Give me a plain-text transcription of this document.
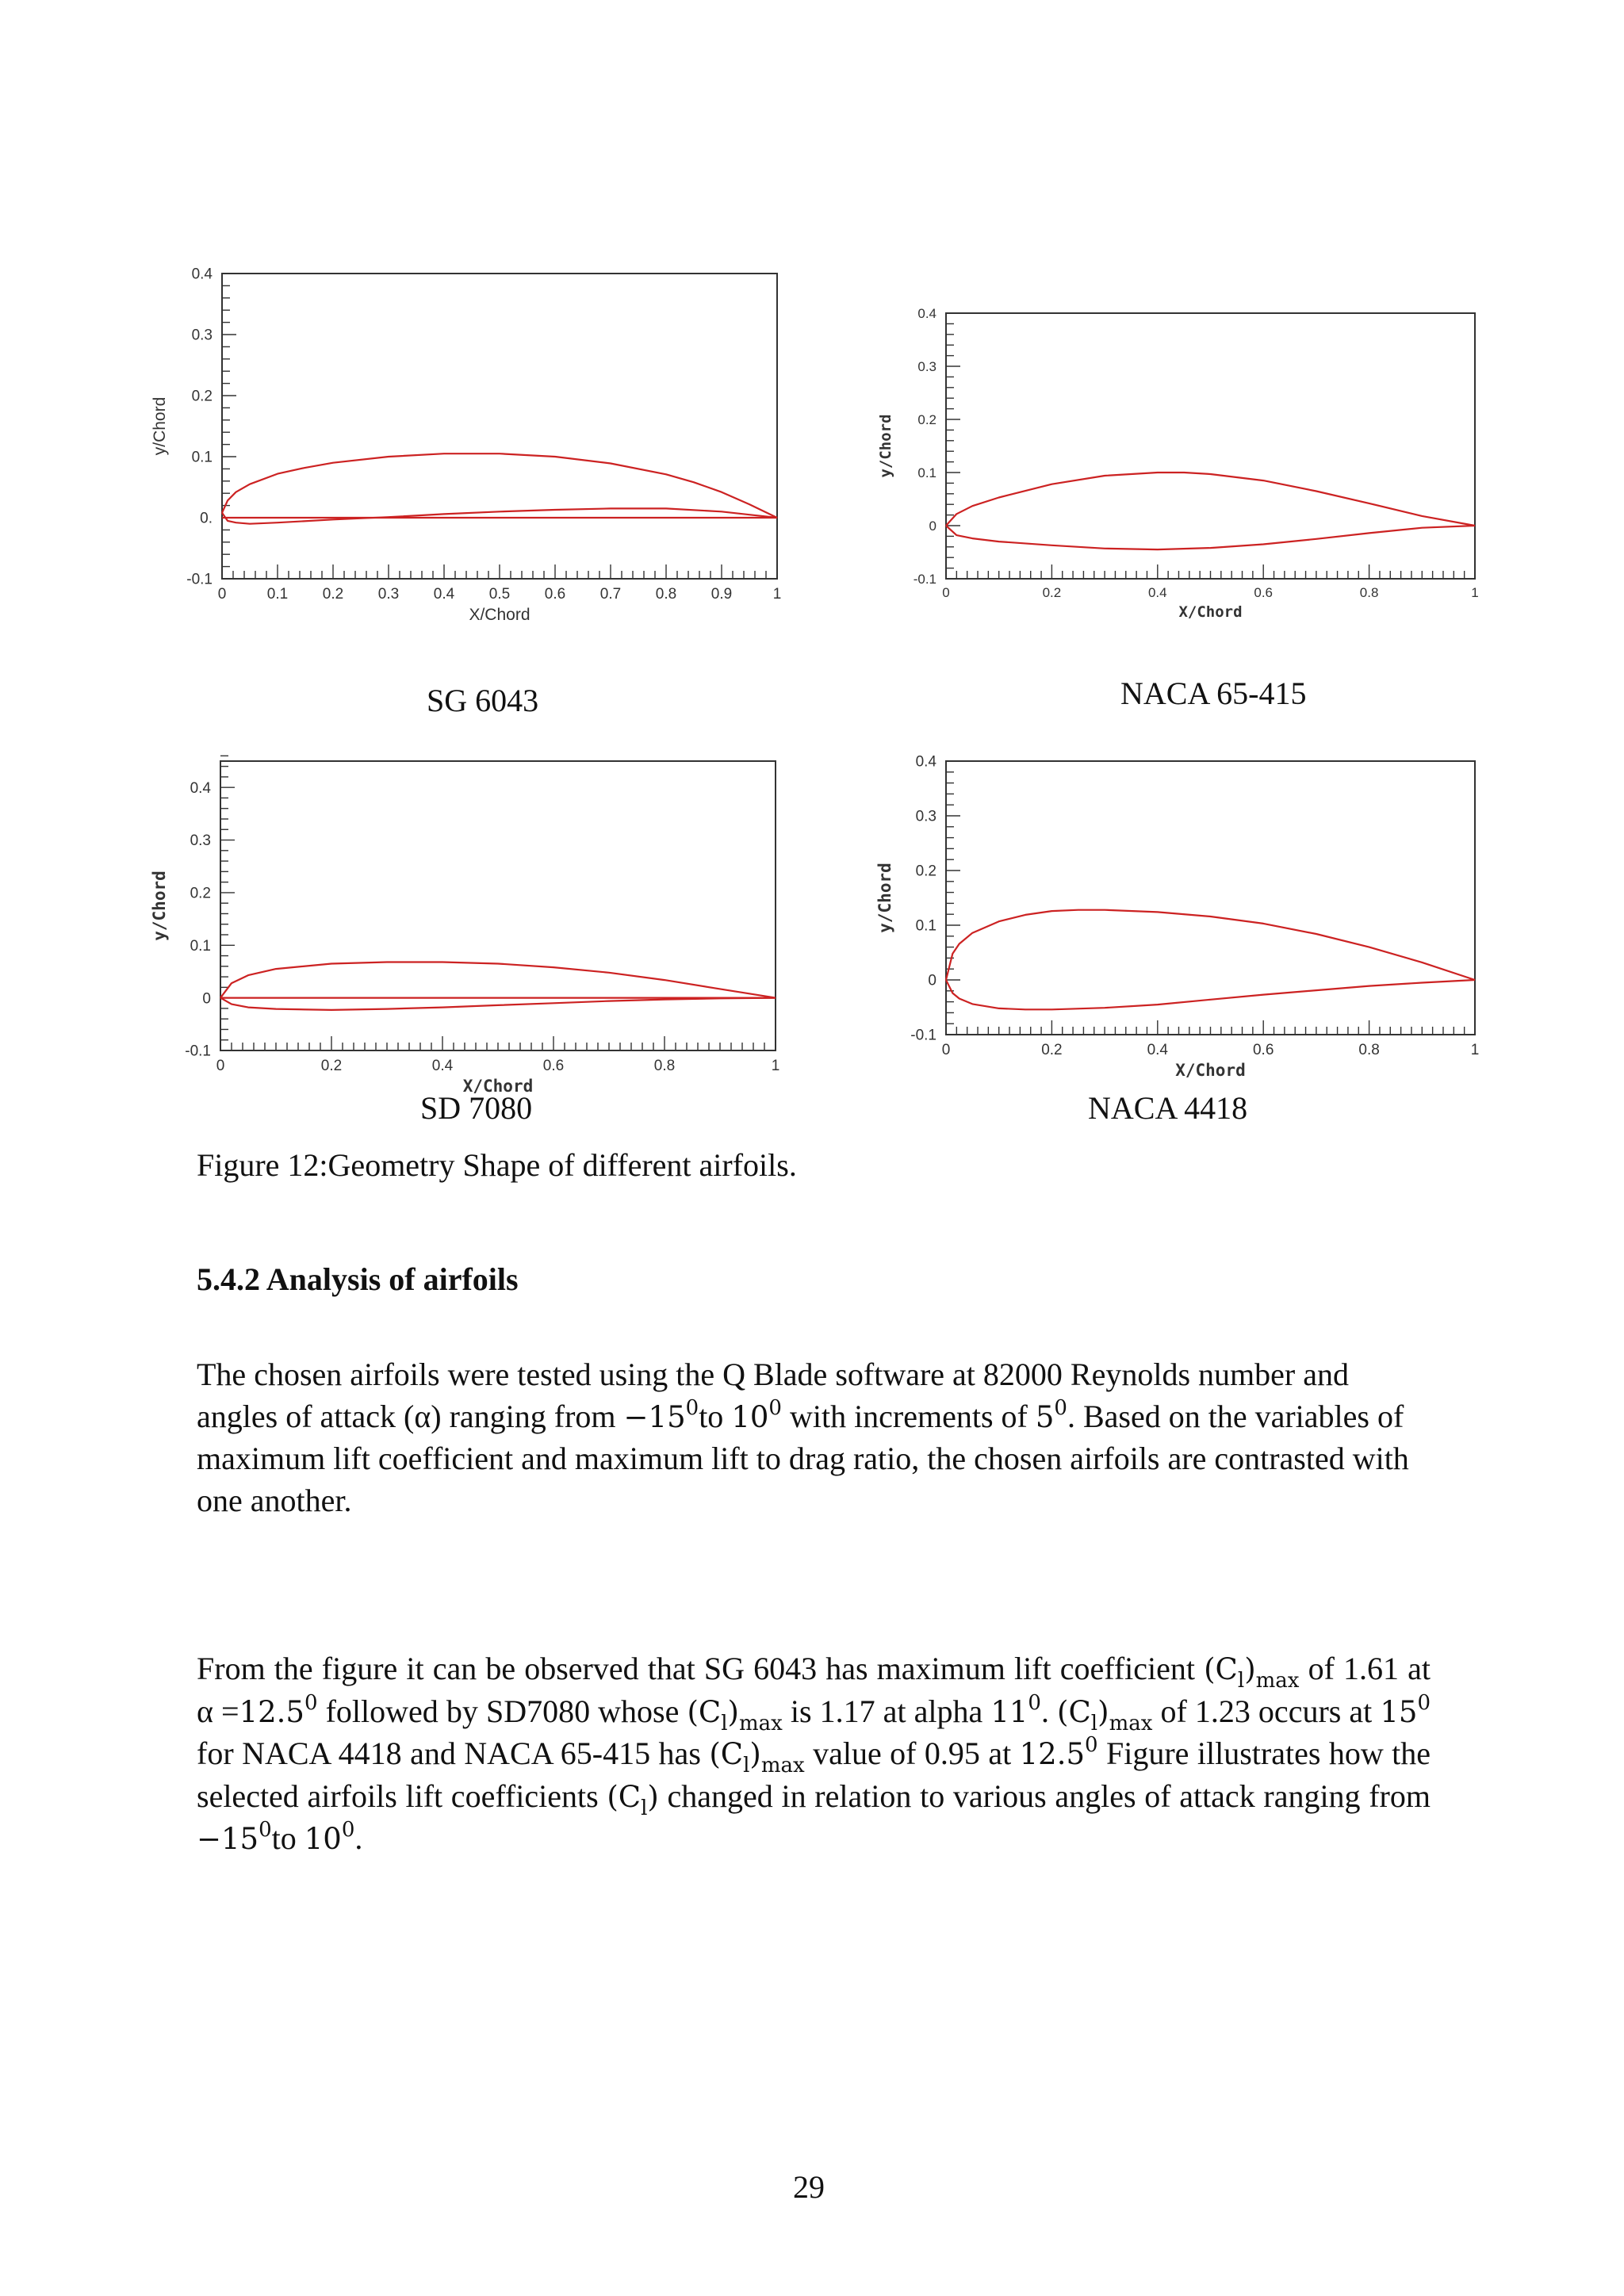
0	0.1 0.2 0.3 0.4 0.5 0.6 0.7 0.8 0.9	1
-0.1
0.
0.1
0.2
0.3
0.4
X/Chord
y/Chord
0	0.2	0.4	0.6	0.8	1
-0.1
0
0.1
0.2
0.3
0.4
X/Chord
y/Chord
0	0.2	0.4	0.6	0.8	1
-0.1
0
0.1
0.2
0.3
0.4
X/Chord
y/Chord
0	0.2	0.4	0.6	0.8	1
-0.1
0
0.1
0.2
0.3
0.4
X/Chord
y/Chord
SG 6043	NACA 65-415
SD 7080	NACA 4418
Figure 12:Geometry Shape of different airfoils.
5.4.2 Analysis of airfoils

The chosen airfoils were tested using the Q Blade software at 82000 Reynolds number and angles of attack (α) ranging from $-15^0to$ $10^0$ with increments of $5^0$. Based on the variables of maximum lift coefficient and maximum lift to drag ratio, the chosen airfoils are contrasted with one another.

From the figure it can be observed that SG 6043 has maximum lift coefficient $(C_l)_{max}$ of 1.61 at $\alpha =12.5^0$ followed by SD7080 whose $(C_l)_{max}$ is 1.17 at alpha $11^0$. $(C_l)_{max}$ of 1.23 occurs at $15^0$ for NACA 4418 and NACA 65-415 has $(C_l)_{max}$ value of 0.95 at 12.5$^0$ Figure illustrates how the selected airfoils lift coefficients $(C_l)$ changed in relation to various angles of attack ranging from $-15^0to$ $10^0$.

29
